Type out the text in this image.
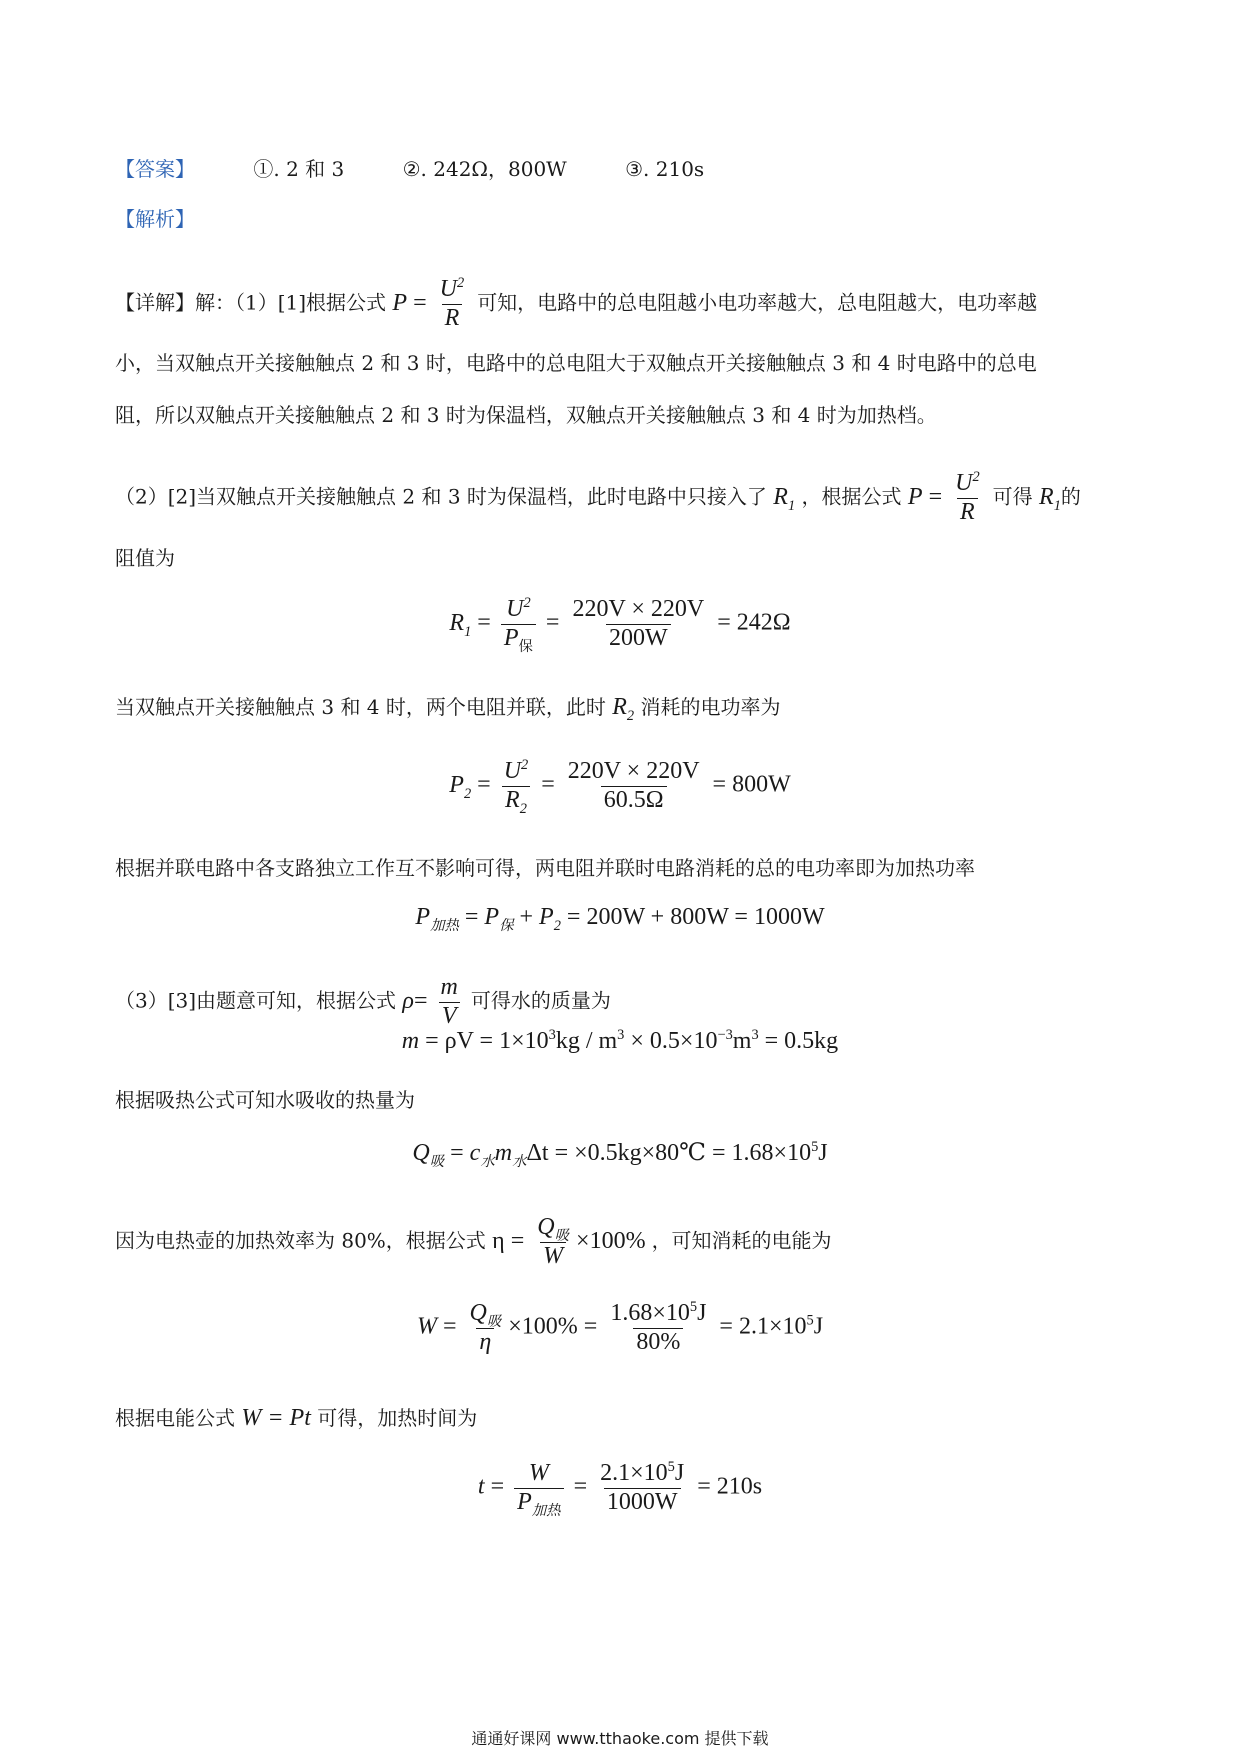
【答案】	①. 2 和 3	②. 242Ω，800W	③. 210s
【解析】
【详解】解：（1）[1]根据公式 $P = \frac{U^2}{R}$ 可知，电路中的总电阻越小电功率越大，总电阻越大，电功率越
小，当双触点开关接触触点 2 和 3 时，电路中的总电阻大于双触点开关接触触点 3 和 4 时电路中的总电
阻，所以双触点开关接触触点 2 和 3 时为保温档，双触点开关接触触点 3 和 4 时为加热档。
（2）[2]当双触点开关接触触点 2 和 3 时为保温档，此时电路中只接入了 $R_1$ ，根据公式 $P = \frac{U^2}{R}$ 可得 $R_1$的
阻值为
$R_1 = \frac{U^2}{P_保} = \frac{220V \times 220V}{200W} = 242\Omega$
当双触点开关接触触点 3 和 4 时，两个电阻并联，此时 $R_2$ 消耗的电功率为
$P_2 = \frac{U^2}{R_2} = \frac{220V \times 220V}{60.5\Omega} = 800W$
根据并联电路中各支路独立工作互不影响可得，两电阻并联时电路消耗的总的电功率即为加热功率
$P_{加热} = P_保 + P_2 = 200W + 800W = 1000W$
（3）[3]由题意可知，根据公式 $\rho= \frac{m}{V}$ 可得水的质量为
$m = \rho V = 1\times 10^3kg / m^3 \times 0.5\times 10^{-3}m^3 = 0.5kg$
根据吸热公式可知水吸收的热量为
$Q_吸 = c_水m_水\Delta t$ = ×0.5kg×80℃ = $1.68\times 10^5J$
因为电热壶的加热效率为 80%，根据公式 $\eta = \frac{Q_吸}{W} \times 100\%$ ，可知消耗的电能为
$W = \frac{Q_吸}{\eta} \times 100\% = \frac{1.68\times 10^5J}{80\%} = 2.1\times 10^5J$
根据电能公式 W = Pt 可得，加热时间为
$t = \frac{W}{P_{加热}} = \frac{2.1\times 10^5J}{1000W} = 210s$
通通好课网 www.tthaoke.com 提供下载
